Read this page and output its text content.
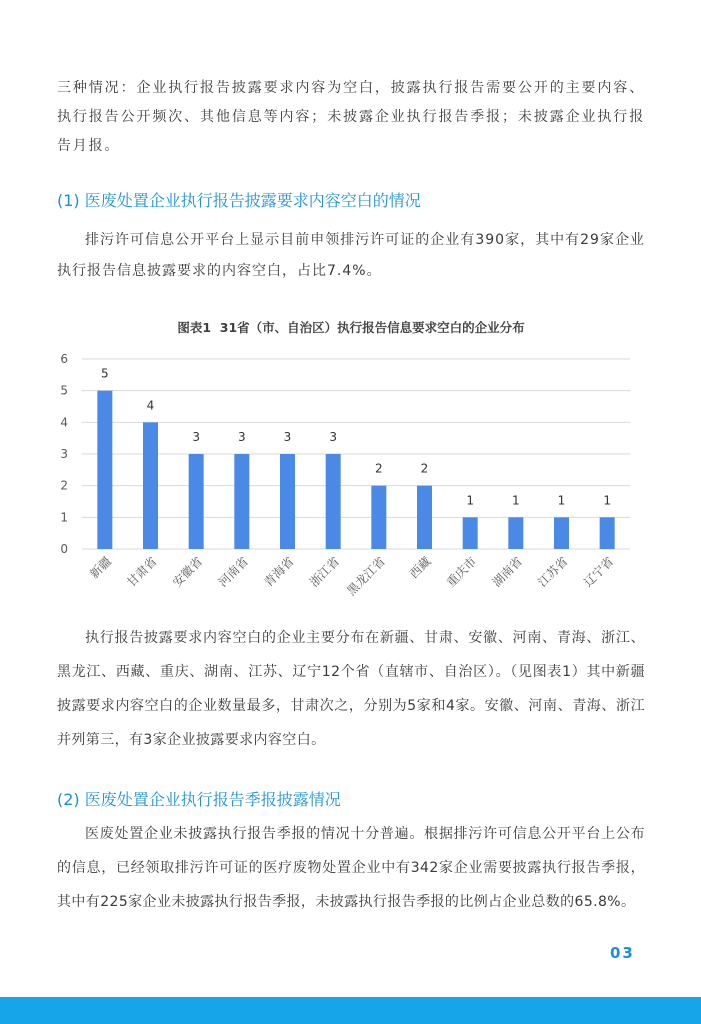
三种情况：企业执行报告披露要求内容为空白，披露执行报告需要公开的主要内容、执行报告公开频次、其他信息等内容；未披露企业执行报告季报；未披露企业执行报告月报。

(1) 医废处置企业执行报告披露要求内容空白的情况

排污许可信息公开平台上显示目前申领排污许可证的企业有390家，其中有29家企业执行报告信息披露要求的内容空白，占比7.4%。

图表1  31省（市、自治区）执行报告信息要求空白的企业分布
0
1
2
3
4
5
6
5
新疆
4
甘肃省
3
安徽省
3
河南省
3
青海省
3
浙江省
2
黑龙江省
2
西藏
1
重庆市
1
湖南省
1
江苏省
1
辽宁省

执行报告披露要求内容空白的企业主要分布在新疆、甘肃、安徽、河南、青海、浙江、黑龙江、西藏、重庆、湖南、江苏、辽宁12个省（直辖市、自治区）。（见图表1）其中新疆披露要求内容空白的企业数量最多，甘肃次之，分别为5家和4家。安徽、河南、青海、浙江并列第三，有3家企业披露要求内容空白。

(2) 医废处置企业执行报告季报披露情况

医废处置企业未披露执行报告季报的情况十分普遍。根据排污许可信息公开平台上公布的信息，已经领取排污许可证的医疗废物处置企业中有342家企业需要披露执行报告季报，其中有225家企业未披露执行报告季报，未披露执行报告季报的比例占企业总数的65.8%。

03
